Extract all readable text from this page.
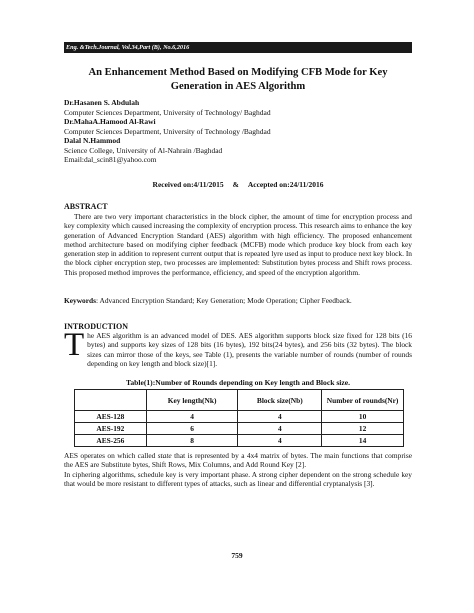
Eng. &Tech.Journal, Vol.34,Part (B), No.6,2016
An Enhancement Method Based on Modifying CFB Mode for Key Generation in AES Algorithm
Dr.Hasanen S. Abdulah
Computer Sciences Department, University of Technology/ Baghdad
Dr.MahaA.Hamood Al-Rawi
Computer Sciences Department, University of Technology /Baghdad
Dalal N.Hammod
Science College, University of Al-Nahrain /Baghdad
Email:dal_scin81@yahoo.com
Received on:4/11/2015 & Accepted on:24/11/2016
ABSTRACT
There are two very important characteristics in the block cipher, the amount of time for encryption process and key complexity which caused increasing the complexity of encryption process. This research aims to enhance the key generation of Advanced Encryption Standard (AES) algorithm with high efficiency. The proposed enhancement method architecture based on modifying cipher feedback (MCFB) mode which produce key block from each key generation step in addition to represent current output that is repeated lyre used as input to produce next key block. In the block cipher encryption step, two processes are implemented: Substitution bytes process and Shift rows process. This proposed method improves the performance, efficiency, and speed of the encryption algorithm.
Keywords: Advanced Encryption Standard; Key Generation; Mode Operation; Cipher Feedback.
INTRODUCTION
The AES algorithm is an advanced model of DES. AES algorithm supports block size fixed for 128 bits (16 bytes) and supports key sizes of 128 bits (16 bytes), 192 bits(24 bytes), and 256 bits (32 bytes). The block sizes can mirror those of the keys, see Table (1), presents the variable number of rounds (number of rounds depending on key length and block size)[1].
Table(1):Number of Rounds depending on Key length and Block size.
	Key length(Nk)	Block size(Nb)	Number of rounds(Nr)
AES-128	4	4	10
AES-192	6	4	12
AES-256	8	4	14

AES operates on which called state that is represented by a 4x4 matrix of bytes. The main functions that comprise the AES are Substitute bytes, Shift Rows, Mix Columns, and Add Round Key [2].

In ciphering algorithms, schedule key is very important phase. A strong cipher dependent on the strong schedule key that would be more resistant to different types of attacks, such as linear and differential cryptanalysis [3].

759
